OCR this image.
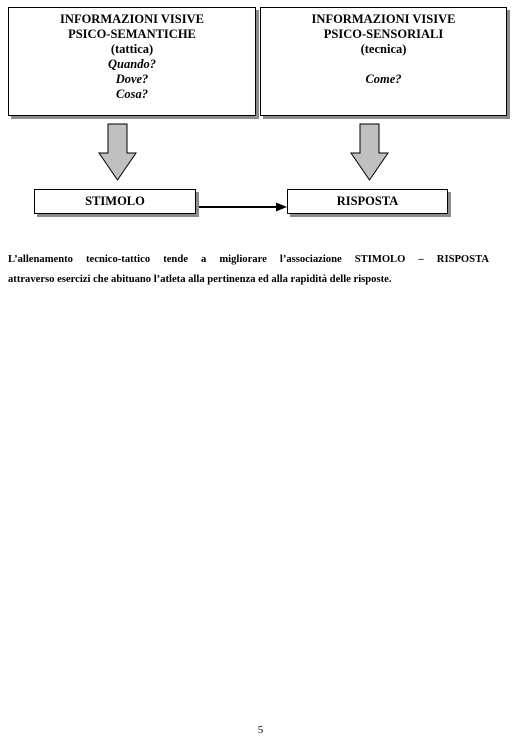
INFORMAZIONI VISIVE
PSICO-SEMANTICHE
(tattica)
Quando?
Dove?
Cosa?
INFORMAZIONI VISIVE
PSICO-SENSORIALI
(tecnica)

Come?
STIMOLO	RISPOSTA
L’allenamento tecnico-tattico tende a migliorare l’associazione STIMOLO – RISPOSTA
attraverso esercizi che abituano l’atleta alla pertinenza ed alla rapidità delle risposte.
5
